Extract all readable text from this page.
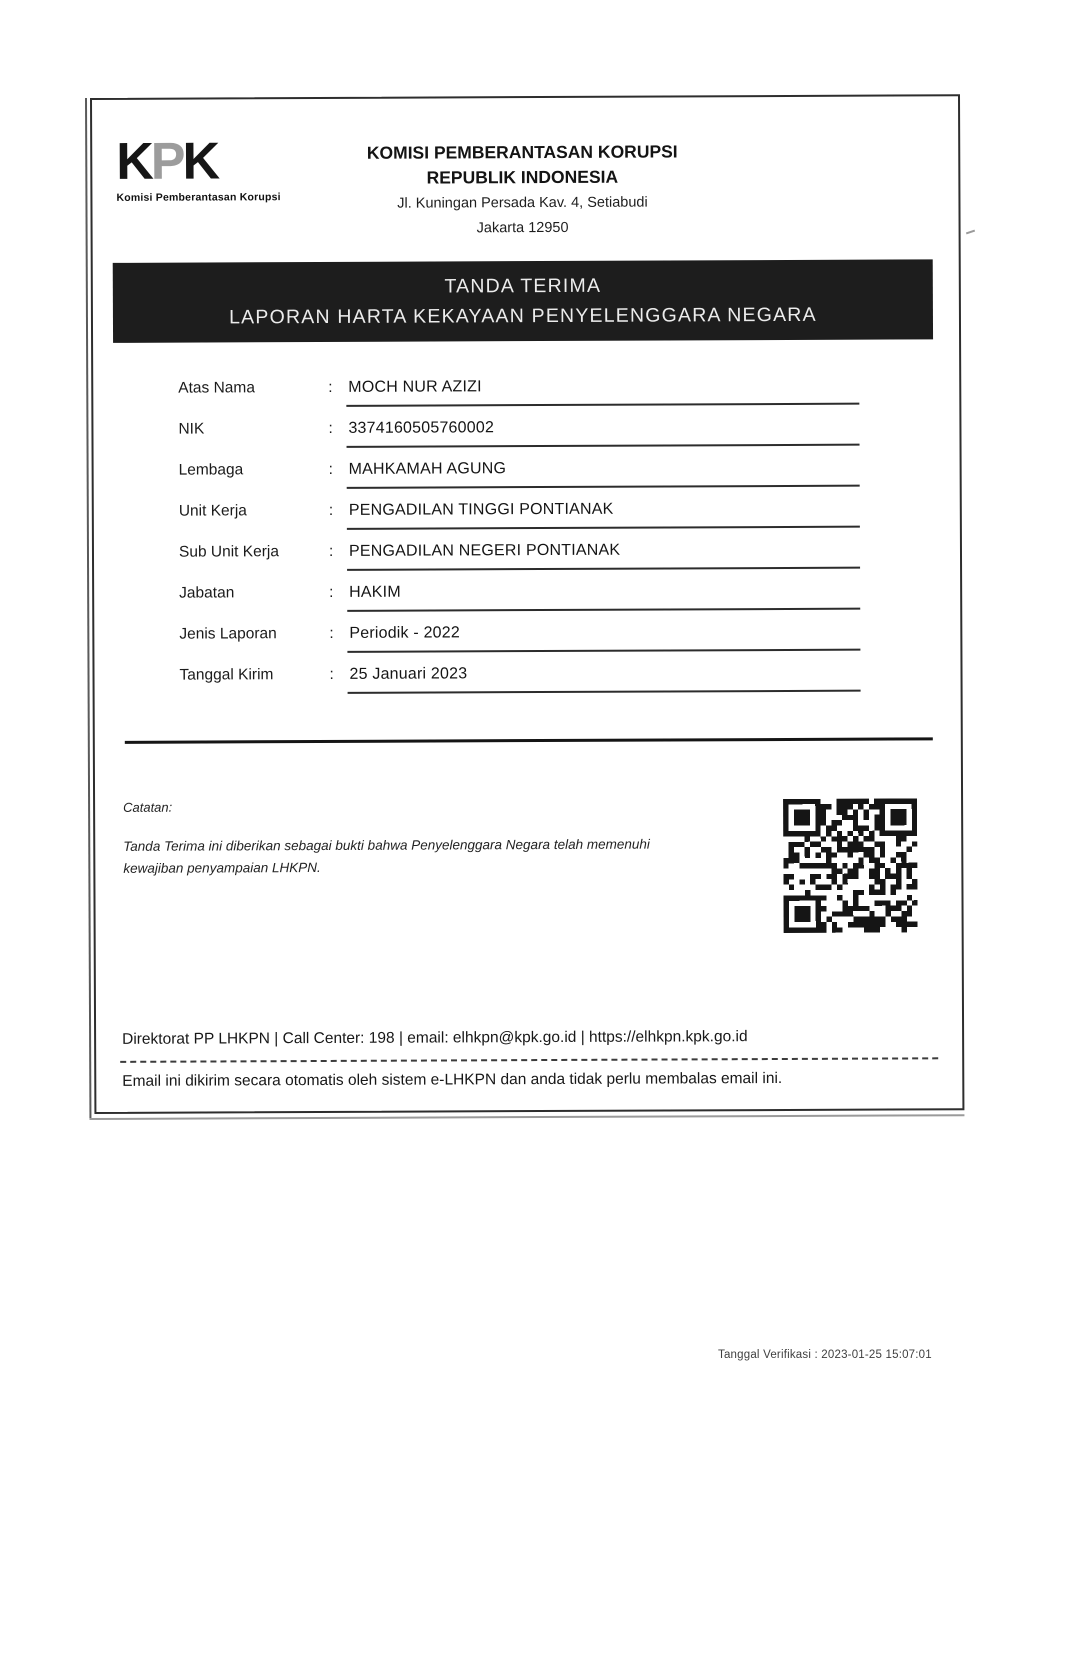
KPK
Komisi Pemberantasan Korupsi
KOMISI PEMBERANTASAN KORUPSI
REPUBLIK INDONESIA
Jl. Kuningan Persada Kav. 4, Setiabudi
Jakarta 12950
TANDA TERIMA
LAPORAN HARTA KEKAYAAN PENYELENGGARA NEGARA
Atas Nama	: MOCH NUR AZIZI
NIK	: 3374160505760002
Lembaga	: MAHKAMAH AGUNG
Unit Kerja	: PENGADILAN TINGGI PONTIANAK
Sub Unit Kerja	: PENGADILAN NEGERI PONTIANAK
Jabatan	: HAKIM
Jenis Laporan	: Periodik - 2022
Tanggal Kirim	: 25 Januari 2023
Catatan:
Tanda Terima ini diberikan sebagai bukti bahwa Penyelenggara Negara telah memenuhi kewajiban penyampaian LHKPN.
Direktorat PP LHKPN | Call Center: 198 | email: elhkpn@kpk.go.id | https://elhkpn.kpk.go.id
Email ini dikirim secara otomatis oleh sistem e-LHKPN dan anda tidak perlu membalas email ini.
Tanggal Verifikasi : 2023-01-25 15:07:01
